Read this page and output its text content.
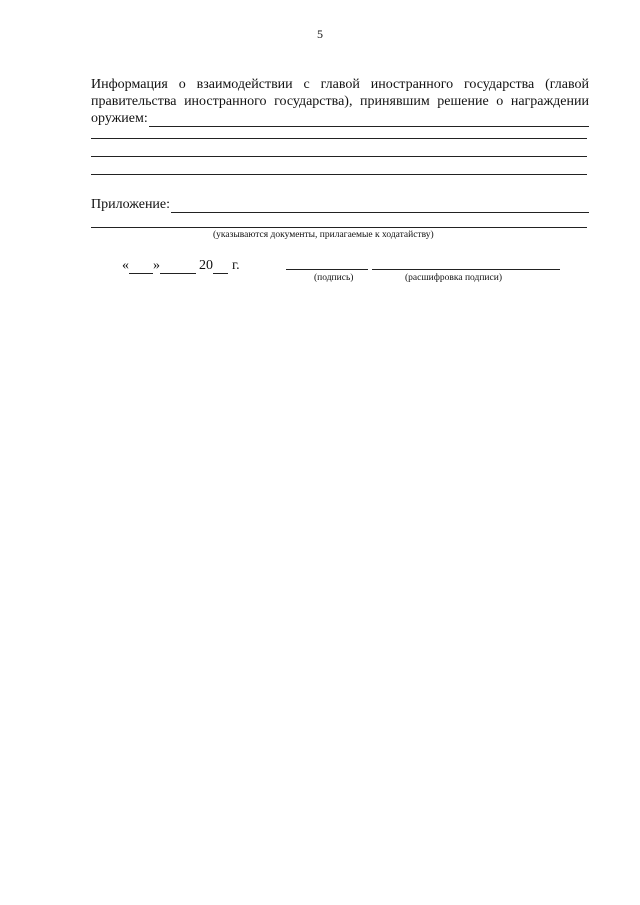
5
Информация о взаимодействии с главой иностранного государства (главой
правительства иностранного государства), принявшим решение о награждении
оружием:
Приложение:
(указываются документы, прилагаемые к ходатайству)
« »	20 г.
(подпись)	(расшифровка подписи)
